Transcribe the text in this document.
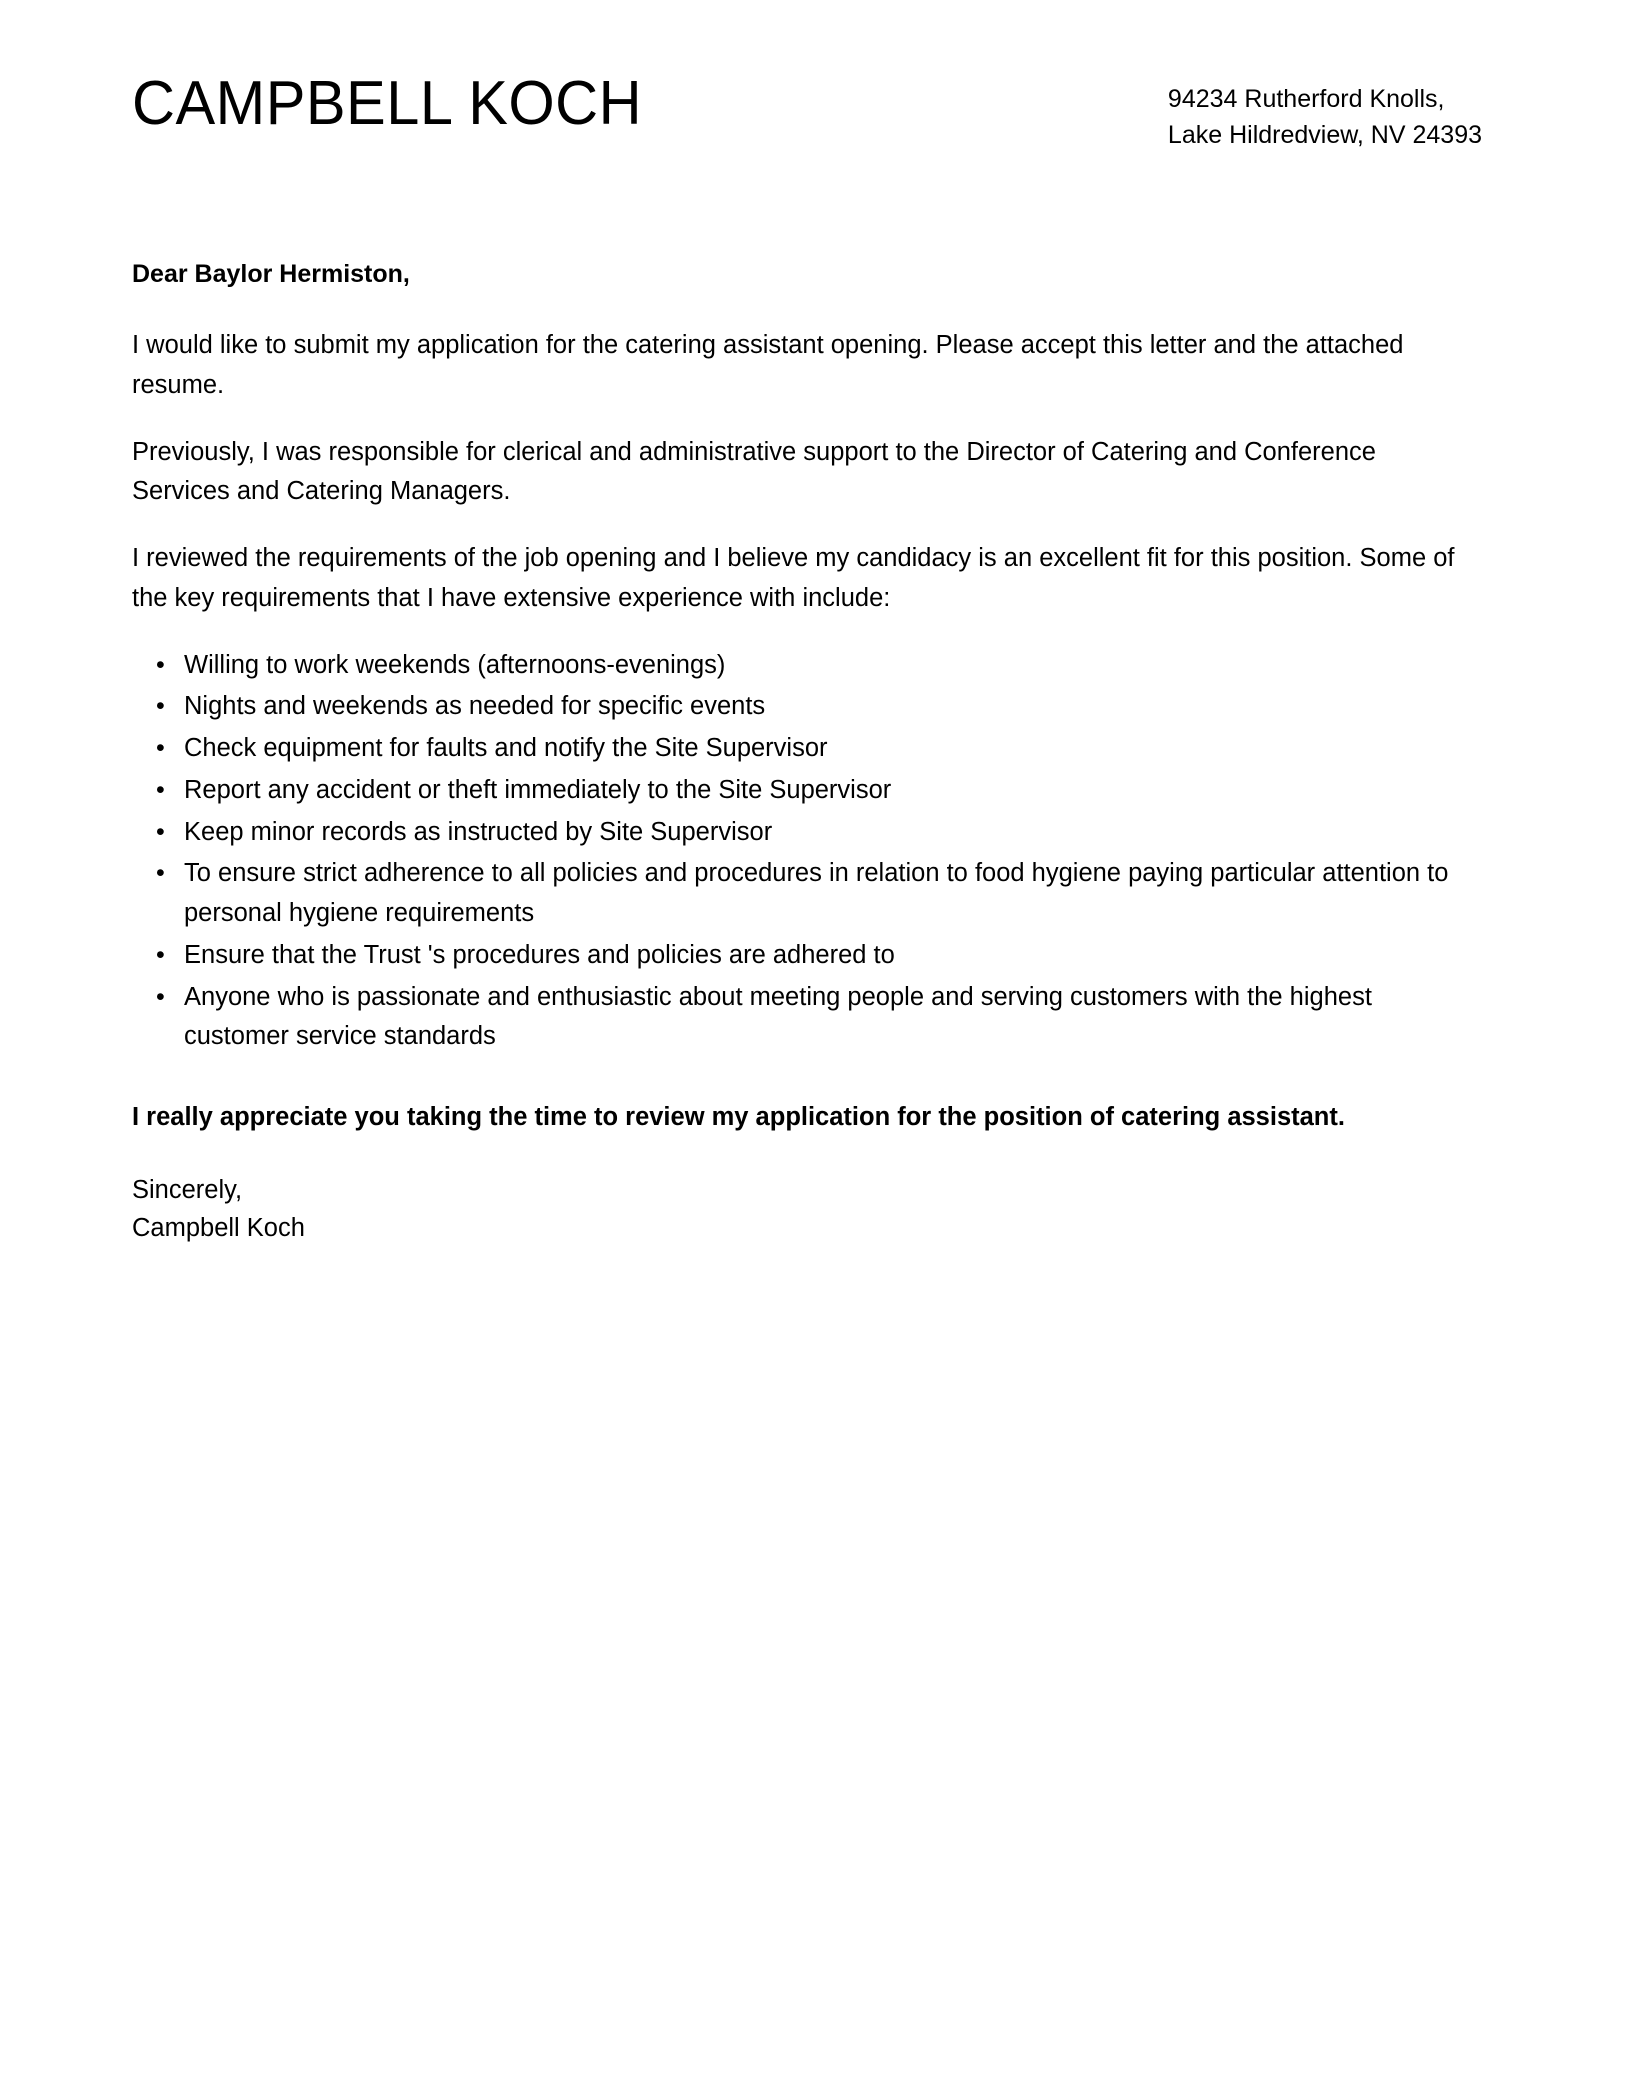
CAMPBELL KOCH	94234 Rutherford Knolls,
Lake Hildredview, NV 24393

Dear Baylor Hermiston,

I would like to submit my application for the catering assistant opening. Please accept this letter and the attached resume.

Previously, I was responsible for clerical and administrative support to the Director of Catering and Conference Services and Catering Managers.

I reviewed the requirements of the job opening and I believe my candidacy is an excellent fit for this position. Some of the key requirements that I have extensive experience with include:

• Willing to work weekends (afternoons-evenings)
• Nights and weekends as needed for specific events
• Check equipment for faults and notify the Site Supervisor
• Report any accident or theft immediately to the Site Supervisor
• Keep minor records as instructed by Site Supervisor
• To ensure strict adherence to all policies and procedures in relation to food hygiene paying particular attention to personal hygiene requirements
• Ensure that the Trust 's procedures and policies are adhered to
• Anyone who is passionate and enthusiastic about meeting people and serving customers with the highest customer service standards

I really appreciate you taking the time to review my application for the position of catering assistant.

Sincerely,
Campbell Koch
